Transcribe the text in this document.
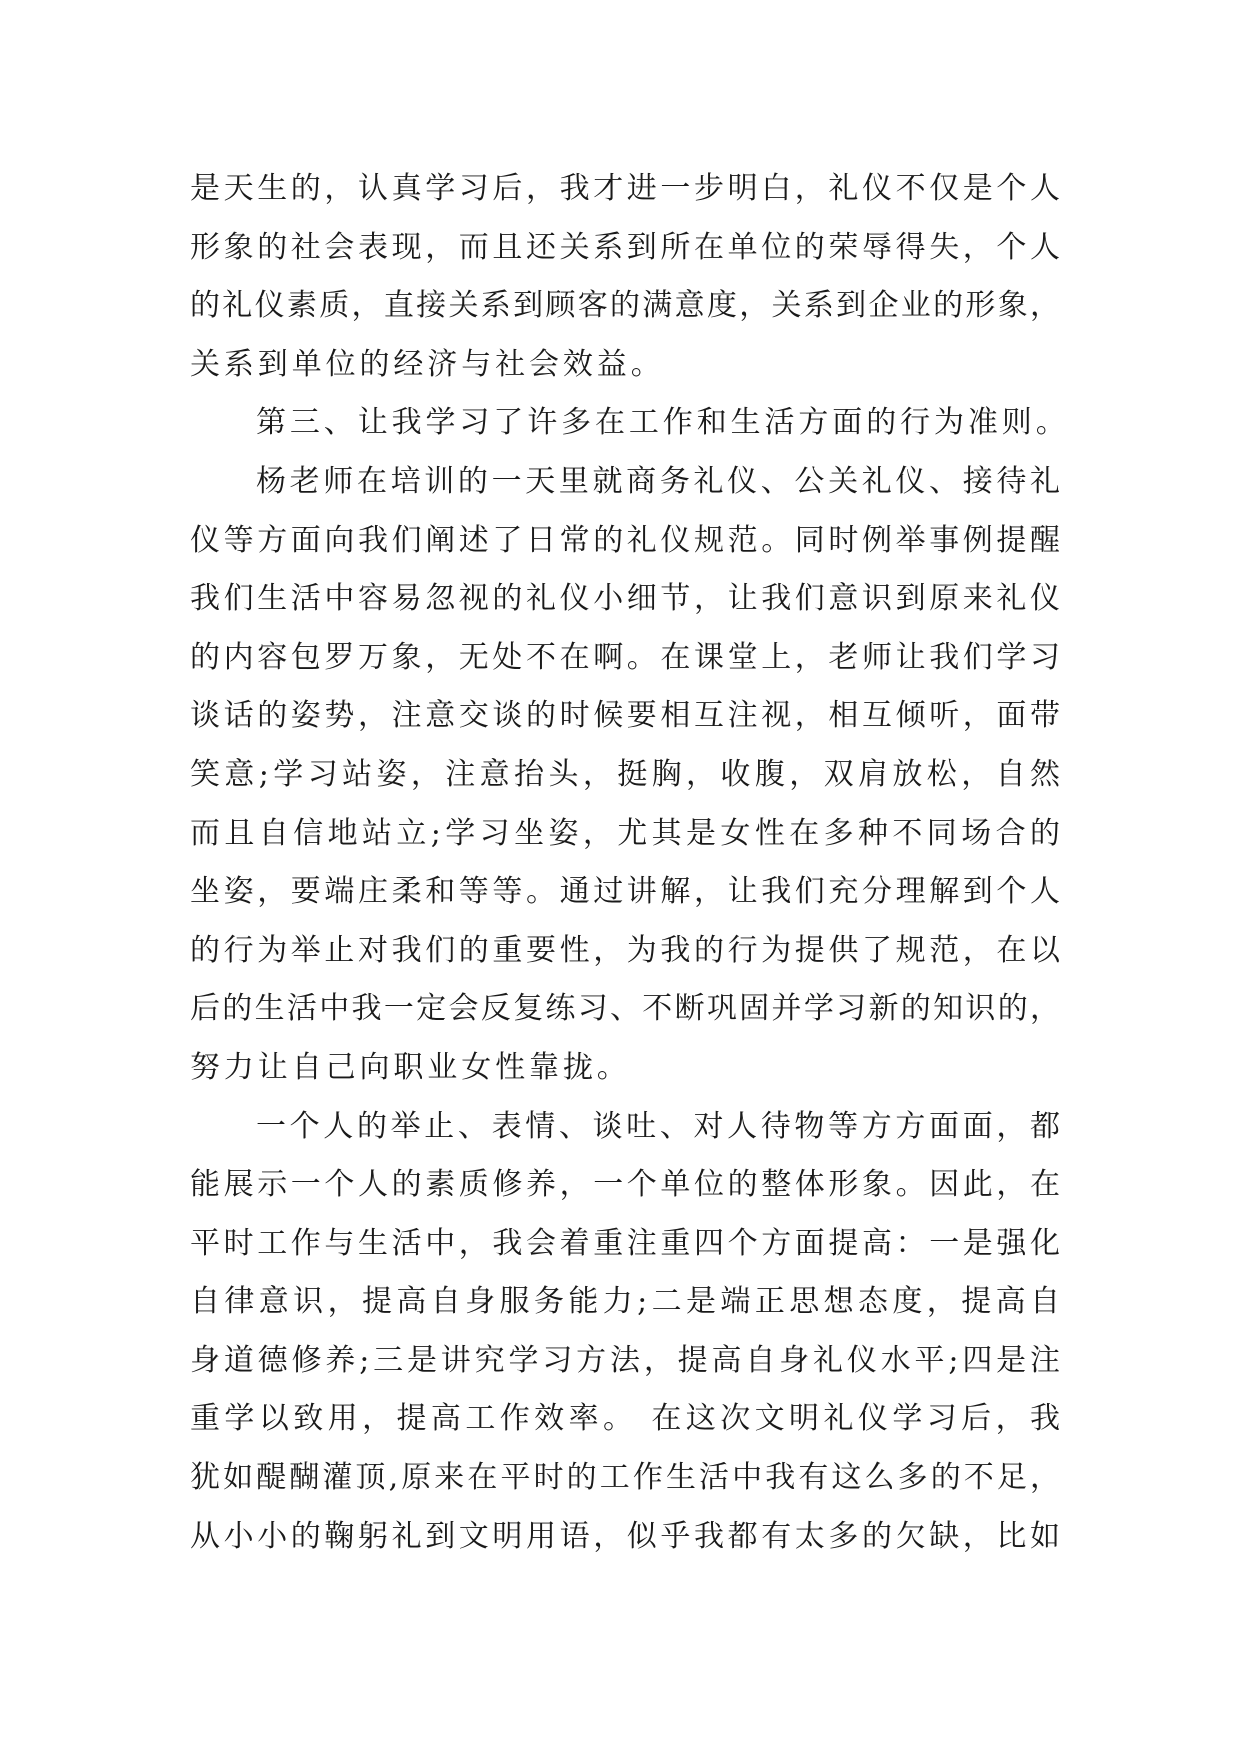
是天生的，认真学习后，我才进一步明白，礼仪不仅是个人
形象的社会表现，而且还关系到所在单位的荣辱得失，个人
的礼仪素质，直接关系到顾客的满意度，关系到企业的形象，
关系到单位的经济与社会效益。
第三、让我学习了许多在工作和生活方面的行为准则。
杨老师在培训的一天里就商务礼仪、公关礼仪、接待礼
仪等方面向我们阐述了日常的礼仪规范。同时例举事例提醒
我们生活中容易忽视的礼仪小细节，让我们意识到原来礼仪
的内容包罗万象，无处不在啊。在课堂上，老师让我们学习
谈话的姿势，注意交谈的时候要相互注视，相互倾听，面带
笑意;学习站姿，注意抬头，挺胸，收腹，双肩放松，自然
而且自信地站立;学习坐姿，尤其是女性在多种不同场合的
坐姿，要端庄柔和等等。通过讲解，让我们充分理解到个人
的行为举止对我们的重要性，为我的行为提供了规范，在以
后的生活中我一定会反复练习、不断巩固并学习新的知识的，
努力让自己向职业女性靠拢。
一个人的举止、表情、谈吐、对人待物等方方面面，都
能展示一个人的素质修养，一个单位的整体形象。因此，在
平时工作与生活中，我会着重注重四个方面提高：一是强化
自律意识，提高自身服务能力;二是端正思想态度，提高自
身道德修养;三是讲究学习方法，提高自身礼仪水平;四是注
重学以致用，提高工作效率。 在这次文明礼仪学习后，我
犹如醍醐灌顶,原来在平时的工作生活中我有这么多的不足，
从小小的鞠躬礼到文明用语，似乎我都有太多的欠缺，比如
